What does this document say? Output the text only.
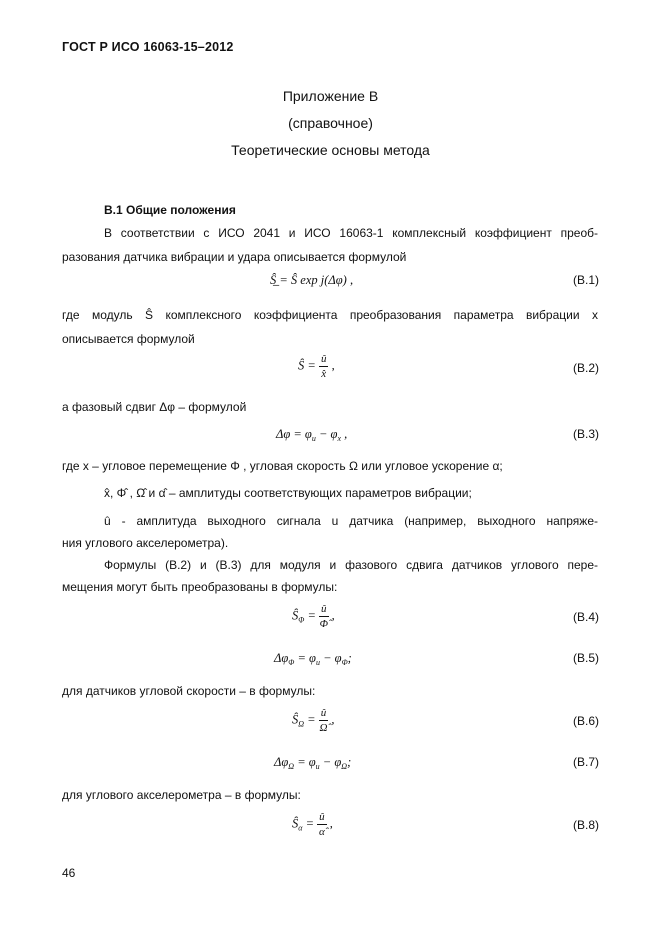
ГОСТ Р ИСО 16063-15–2012
Приложение В
(справочное)
Теоретические основы метода
В.1 Общие положения
В соответствии с ИСО 2041 и ИСО 16063-1 комплексный коэффициент преоб-
разования датчика вибрации и удара описывается формулой
Ŝ̲ = Ŝ exp j(Δφ) ,	(В.1)
где модуль Ŝ комплексного коэффициента преобразования параметра вибрации x
описывается формулой
Ŝ = $\frac{û}{x̂}$ ,	(В.2)
а фазовый сдвиг Δφ – формулой
$\Delta\varphi = \varphi_u - \varphi_x$ ,	(В.3)
где x – угловое перемещение Φ , угловая скорость Ω или угловое ускорение α;
x̂, Φ̂ , Ω̂ и α̂ – амплитуды соответствующих параметров вибрации;
û - амплитуда выходного сигнала u датчика (например, выходного напряже-
ния углового акселерометра).
Формулы (В.2) и (В.3) для модуля и фазового сдвига датчиков углового пере-
мещения могут быть преобразованы в формулы:
$Ŝ_\Phi = \frac{û}{\Phî}$ ,	(В.4)
$\Delta\varphi_\Phi = \varphi_u - \varphi_\Phi$;	(В.5)
для датчиков угловой скорости – в формулы:
$Ŝ_\Omega = \frac{û}{\Omegâ}$ ,	(В.6)
$\Delta\varphi_\Omega = \varphi_u - \varphi_\Omega$;	(В.7)
для углового акселерометра – в формулы:
$Ŝ_\alpha = \frac{û}{\alphâ}$ ,	(В.8)
46
